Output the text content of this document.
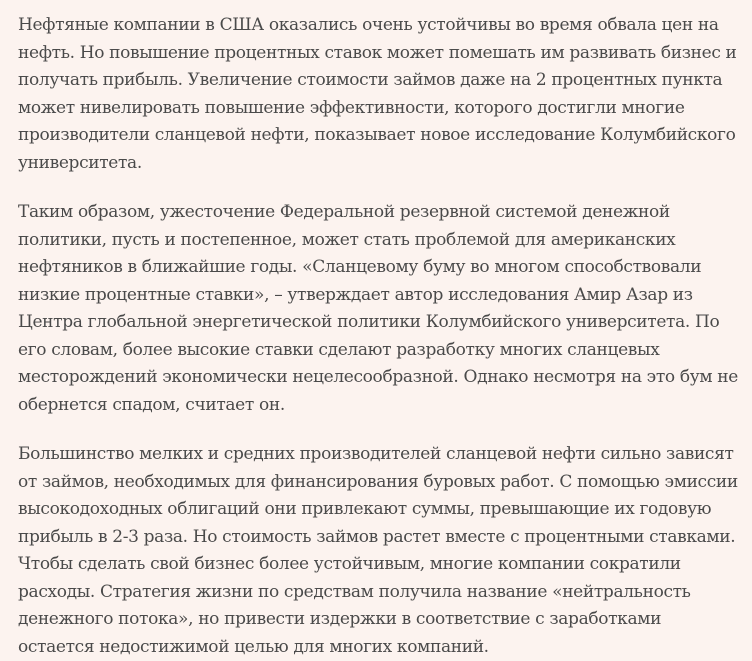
Нефтяные компании в США оказались очень устойчивы во время обвала цен на нефть. Но повышение процентных ставок может помешать им развивать бизнес и получать прибыль. Увеличение стоимости займов даже на 2 процентных пункта может нивелировать повышение эффективности, которого достигли многие производители сланцевой нефти, показывает новое исследование Колумбийского университета.

Таким образом, ужесточение Федеральной резервной системой денежной политики, пусть и постепенное, может стать проблемой для американских нефтяников в ближайшие годы. «Сланцевому буму во многом способствовали низкие процентные ставки», – утверждает автор исследования Амир Азар из Центра глобальной энергетической политики Колумбийского университета. По его словам, более высокие ставки сделают разработку многих сланцевых месторождений экономически нецелесообразной. Однако несмотря на это бум не обернется спадом, считает он.

Большинство мелких и средних производителей сланцевой нефти сильно зависят от займов, необходимых для финансирования буровых работ. С помощью эмиссии высокодоходных облигаций они привлекают суммы, превышающие их годовую прибыль в 2-3 раза. Но стоимость займов растет вместе с процентными ставками. Чтобы сделать свой бизнес более устойчивым, многие компании сократили расходы. Стратегия жизни по средствам получила название «нейтральность денежного потока», но привести издержки в соответствие с заработками остается недостижимой целью для многих компаний.
